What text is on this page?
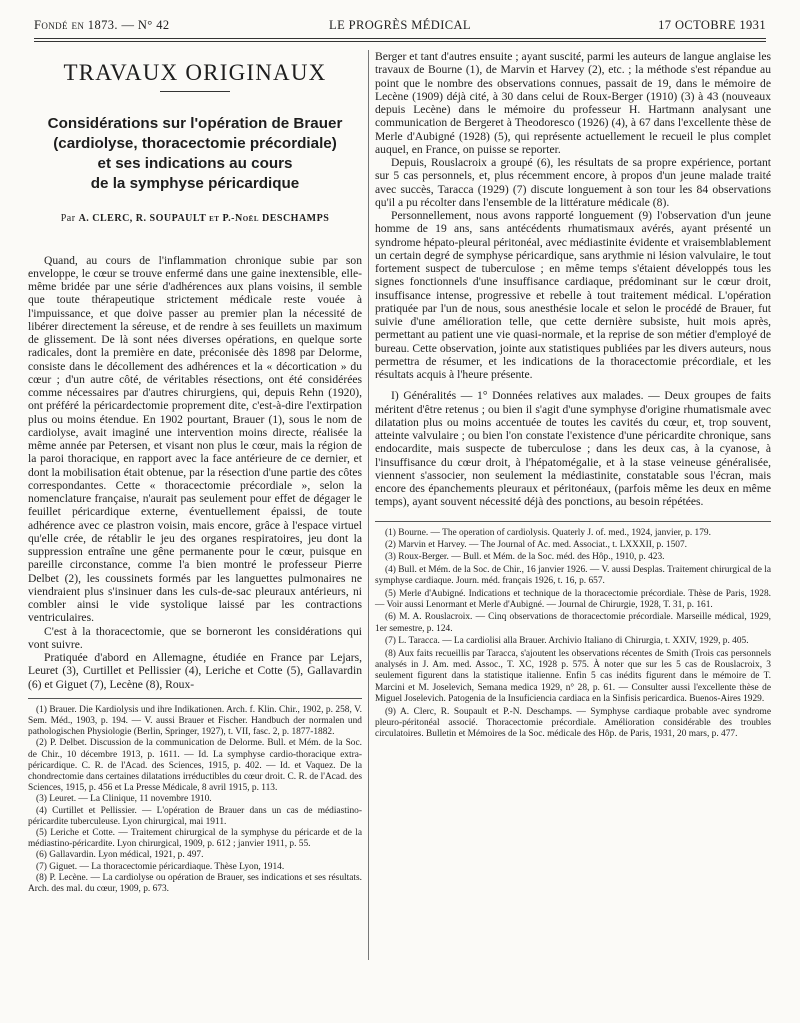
Fondé en 1873. — N° 42	LE PROGRÈS MÉDICAL	17 OCTOBRE 1931
TRAVAUX ORIGINAUX
Considérations sur l'opération de Brauer
(cardiolyse, thoracectomie précordiale)
et ses indications au cours
de la symphyse péricardique
Par A. CLERC, R. SOUPAULT et P.-Noël DESCHAMPS

Quand, au cours de l'inflammation chronique subie par son enveloppe, le cœur se trouve enfermé dans une gaine inextensible, elle-même bridée par une série d'adhérences aux plans voisins, il semble que toute thérapeutique strictement médicale reste vouée à l'impuissance, et que doive passer au premier plan la nécessité de libérer directement la séreuse, et de rendre à ses feuillets un maximum de glissement. De là sont nées diverses opérations, en quelque sorte radicales, dont la première en date, préconisée dès 1898 par Delorme, consiste dans le décollement des adhérences et la « décortication » du cœur ; d'un autre côté, de véritables résections, ont été considérées comme nécessaires par d'autres chirurgiens, qui, depuis Rehn (1920), ont préféré la péricardectomie proprement dite, c'est-à-dire l'extirpation plus ou moins étendue. En 1902 pourtant, Brauer (1), sous le nom de cardiolyse, avait imaginé une intervention moins directe, réalisée la même année par Petersen, et visant non plus le cœur, mais la région de la paroi thoracique, en rapport avec la face antérieure de ce dernier, et dont la mobilisation était obtenue, par la résection d'une partie des côtes correspondantes. Cette « thoracectomie précordiale », selon la nomenclature française, n'aurait pas seulement pour effet de dégager le feuillet péricardique externe, éventuellement épaissi, de toute adhérence avec ce plastron voisin, mais encore, grâce à l'espace virtuel qu'elle crée, de rétablir le jeu des organes respiratoires, jeu dont la suppression entraîne une gêne permanente pour le cœur, puisque en pareille circonstance, comme l'a bien montré le professeur Pierre Delbet (2), les coussinets formés par les languettes pulmonaires ne viendraient plus s'insinuer dans les culs-de-sac pleuraux antérieurs, ni combler ainsi le vide systolique laissé par les contractions ventriculaires.

C'est à la thoracectomie, que se borneront les considérations qui vont suivre.

Pratiquée d'abord en Allemagne, étudiée en France par Lejars, Leuret (3), Curtillet et Pellissier (4), Leriche et Cotte (5), Gallavardin (6) et Giguet (7), Lecène (8), Roux-

(1) Brauer. Die Kardiolysis und ihre Indikationen. Arch. f. Klin. Chir., 1902, p. 258, V. Sem. Méd., 1903, p. 194. — V. aussi Brauer et Fischer. Handbuch der normalen und pathologischen Physiologie (Berlin, Springer, 1927), t. VII, fasc. 2, p. 1877-1882.

(2) P. Delbet. Discussion de la communication de Delorme. Bull. et Mém. de la Soc. de Chir., 10 décembre 1913, p. 1611. — Id. La symphyse cardio-thoracique extra-péricardique. C. R. de l'Acad. des Sciences, 1915, p. 402. — Id. et Vaquez. De la chondrectomie dans certaines dilatations irréductibles du cœur droit. C. R. de l'Acad. des Sciences, 1915, p. 456 et La Presse Médicale, 8 avril 1915, p. 113.

(3) Leuret. — La Clinique, 11 novembre 1910.

(4) Curtillet et Pellissier. — L'opération de Brauer dans un cas de médiastino-péricardite tuberculeuse. Lyon chirurgical, mai 1911.

(5) Leriche et Cotte. — Traitement chirurgical de la symphyse du péricarde et de la médiastino-péricardite. Lyon chirurgical, 1909, p. 612 ; janvier 1911, p. 55.

(6) Gallavardin. Lyon médical, 1921, p. 497.

(7) Giguet. — La thoracectomie péricardiaque. Thèse Lyon, 1914.

(8) P. Lecène. — La cardiolyse ou opération de Brauer, ses indications et ses résultats. Arch. des mal. du cœur, 1909, p. 673.

Berger et tant d'autres ensuite ; ayant suscité, parmi les auteurs de langue anglaise les travaux de Bourne (1), de Marvin et Harvey (2), etc. ; la méthode s'est répandue au point que le nombre des observations connues, passait de 19, dans le mémoire de Lecène (1909) déjà cité, à 30 dans celui de Roux-Berger (1910) (3) à 43 (nouveaux depuis Lecène) dans le mémoire du professeur H. Hartmann analysant une communication de Bergeret à Theodoresco (1926) (4), à 67 dans l'excellente thèse de Merle d'Aubigné (1928) (5), qui représente actuellement le recueil le plus complet auquel, en France, on puisse se reporter.

Depuis, Rouslacroix a groupé (6), les résultats de sa propre expérience, portant sur 5 cas personnels, et, plus récemment encore, à propos d'un jeune malade traité avec succès, Taracca (1929) (7) discute longuement à son tour les 84 observations qu'il a pu récolter dans l'ensemble de la littérature médicale (8).

Personnellement, nous avons rapporté longuement (9) l'observation d'un jeune homme de 19 ans, sans antécédents rhumatismaux avérés, ayant présenté un syndrome hépato-pleural péritonéal, avec médiastinite évidente et vraisemblablement un certain degré de symphyse péricardique, sans arythmie ni lésion valvulaire, le tout fortement suspect de tuberculose ; en même temps s'étaient développés tous les signes fonctionnels d'une insuffisance cardiaque, prédominant sur le cœur droit, insuffisance intense, progressive et rebelle à tout traitement médical. L'opération pratiquée par l'un de nous, sous anesthésie locale et selon le procédé de Brauer, fut suivie d'une amélioration telle, que cette dernière subsiste, huit mois après, permettant au patient une vie quasi-normale, et la reprise de son métier d'employé de bureau. Cette observation, jointe aux statistiques publiées par les divers auteurs, nous permettra de résumer, et les indications de la thoracectomie précordiale, et les résultats acquis à l'heure présente.

I) Généralités — 1° Données relatives aux malades. — Deux groupes de faits méritent d'être retenus ; ou bien il s'agit d'une symphyse d'origine rhumatismale avec dilatation plus ou moins accentuée de toutes les cavités du cœur, et, trop souvent, atteinte valvulaire ; ou bien l'on constate l'existence d'une péricardite chronique, sans endocardite, mais suspecte de tuberculose ; dans les deux cas, à la cyanose, à l'insuffisance du cœur droit, à l'hépatomégalie, et à la stase veineuse généralisée, viennent s'associer, non seulement la médiastinite, constatable sous l'écran, mais encore des épanchements pleuraux et péritonéaux, (parfois même les deux en même temps), ayant souvent nécessité déjà des ponctions, au besoin répétées.

(1) Bourne. — The operation of cardiolysis. Quaterly J. of. med., 1924, janvier, p. 179.

(2) Marvin et Harvey. — The Journal of Ac. med. Associat., t. LXXXII, p. 1507.

(3) Roux-Berger. — Bull. et Mém. de la Soc. méd. des Hôp., 1910, p. 423.

(4) Bull. et Mém. de la Soc. de Chir., 16 janvier 1926. — V. aussi Desplas. Traitement chirurgical de la symphyse cardiaque. Journ. méd. français 1926, t. 16, p. 657.

(5) Merle d'Aubigné. Indications et technique de la thoracectomie précordiale. Thèse de Paris, 1928. — Voir aussi Lenormant et Merle d'Aubigné. — Journal de Chirurgie, 1928, T. 31, p. 161.

(6) M. A. Rouslacroix. — Cinq observations de thoracectomie précordiale. Marseille médical, 1929, 1er semestre, p. 124.

(7) L. Taracca. — La cardiolisi alla Brauer. Archivio Italiano di Chirurgia, t. XXIV, 1929, p. 405.

(8) Aux faits recueillis par Taracca, s'ajoutent les observations récentes de Smith (Trois cas personnels analysés in J. Am. med. Assoc., T. XC, 1928 p. 575. À noter que sur les 5 cas de Rouslacroix, 3 seulement figurent dans la statistique italienne. Enfin 5 cas inédits figurent dans le mémoire de T. Marcini et M. Joselevich, Semana medica 1929, n° 28, p. 61. — Consulter aussi l'excellente thèse de Miguel Joselevich. Patogenia de la Insuficiencia cardiaca en la Sinfisis pericardica. Buenos-Aires 1929.

(9) A. Clerc, R. Soupault et P.-N. Deschamps. — Symphyse cardiaque probable avec syndrome pleuro-péritonéal associé. Thoracectomie précordiale. Amélioration considérable des troubles circulatoires. Bulletin et Mémoires de la Soc. médicale des Hôp. de Paris, 1931, 20 mars, p. 477.
